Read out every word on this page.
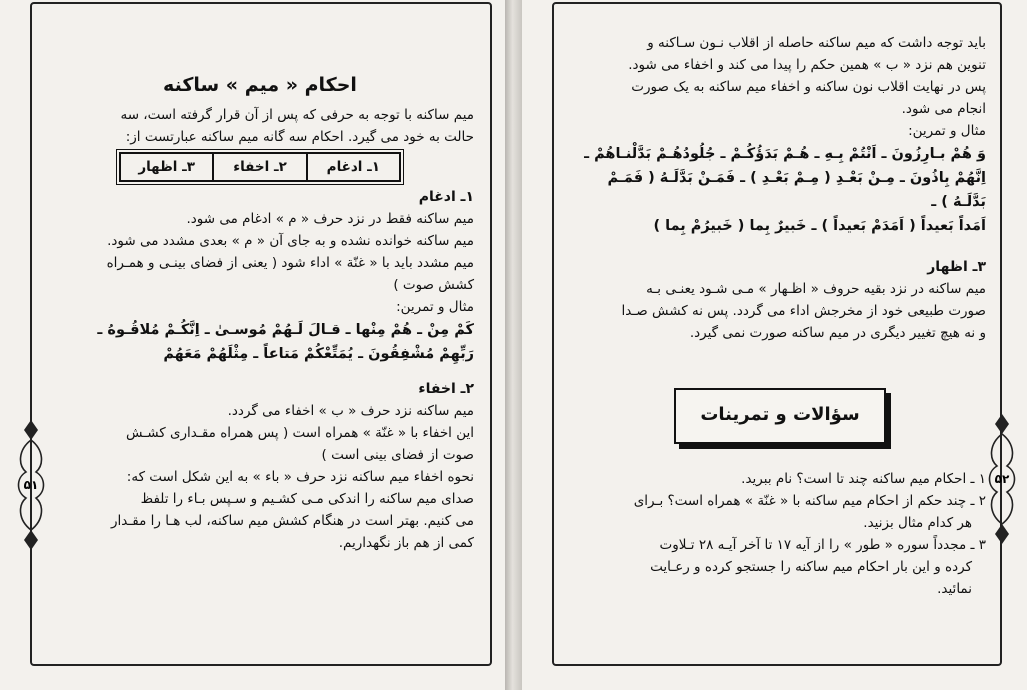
۵۱
احکام « میم » ساکنه
میم ساکنه با توجه به حرفی که پس از آن قرار گرفته است، سه
حالت به خود می گیرد. احکام سه گانه میم ساکنه عبارتست از:
۱ـ ادغام
۲ـ اخفاء
۳ـ اظهار
۱ـ ادغام
میم ساکنه فقط در نزد حرف « م » ادغام می شود.
میم ساکنه خوانده نشده و به جای آن « م » بعدی مشدد می شود.
میم مشدد باید با « غنّة » اداء شود ( یعنی از فضای بینـی و همـراه
کشش صوت )
مثال و تمرین:
كَمْ مِنْ ـ هُمْ مِنْها ـ قـالَ لَـهُمْ مُوسـىٰ ـ اِنَّكُـمْ مُلاقُـوهُ ـ
رَبِّهِمْ مُشْفِقُونَ ـ يُمَتِّعْكُمْ مَتاعاً ـ مِثْلَهُمْ مَعَهُمْ
۲ـ اخفاء
میم ساکنه نزد حرف « ب » اخفاء می گردد.
این اخفاء با « غنّة » همراه است ( پس همراه مقـداری کشـش
صوت از فضای بینی است )
نحوه اخفاء میم ساکنه نزد حرف « باء » به این شکل است که:
صدای میم ساکنه را اندکی مـی کشـیم و سـپس بـاء را تلفظ
می کنیم. بهتر است در هنگام کشش میم ساکنه، لب هـا را مقـدار
کمی از هم باز نگهداریم.
۵۲
باید توجه داشت که میم ساکنه حاصله از اقلاب نـون سـاکنه و
تنوین هم نزد « ب » همین حکم را پیدا می کند و اخفاء می شود.
پس در نهایت اقلاب نون ساکنه و اخفاء میم ساکنه به یک صورت
انجام می شود.
مثال و تمرین:
وَ هُمْ بـارِزُونَ ـ اَنْتُمْ بِـهِ ـ هُـمْ بَدَؤُكُـمْ ـ جُلُودُهُـمْ بَدَّلْنـاهُمْ ـ
اِنَّهُمْ بِاذُونَ ـ مِـنْ بَعْـدِ ( مِـمْ بَعْـدِ ) ـ فَمَـنْ بَدَّلَـهُ ( فَمَـمْ بَدَّلَـهُ ) ـ
اَمَداً بَعيداً ( اَمَدَمْ بَعيداً ) ـ خَبيرٌ بِما ( خَبيرُمْ بِما )
۳ـ اظهار
میم ساکنه در نزد بقیه حروف « اظـهار » مـی شـود یعنـی بـه
صورت طبیعی خود از مخرجش اداء می گردد. پس نه کشش صـدا
و نه هیچ تغییر دیگری در میم ساکنه صورت نمی گیرد.
سؤالات و تمرینات
۱ ـ احکام میم ساکنه چند تا است؟ نام ببرید.
۲ ـ چند حکم از احکام میم ساکنه با « غنّة » همراه است؟ بـرای
هر کدام مثال بزنید.
۳ ـ مجدداً سوره « طور » را از آیه ۱۷ تا آخر آیـه ۲۸ تـلاوت
کرده و این بار احکام میم ساکنه را جستجو کرده و رعـایت
نمائید.
